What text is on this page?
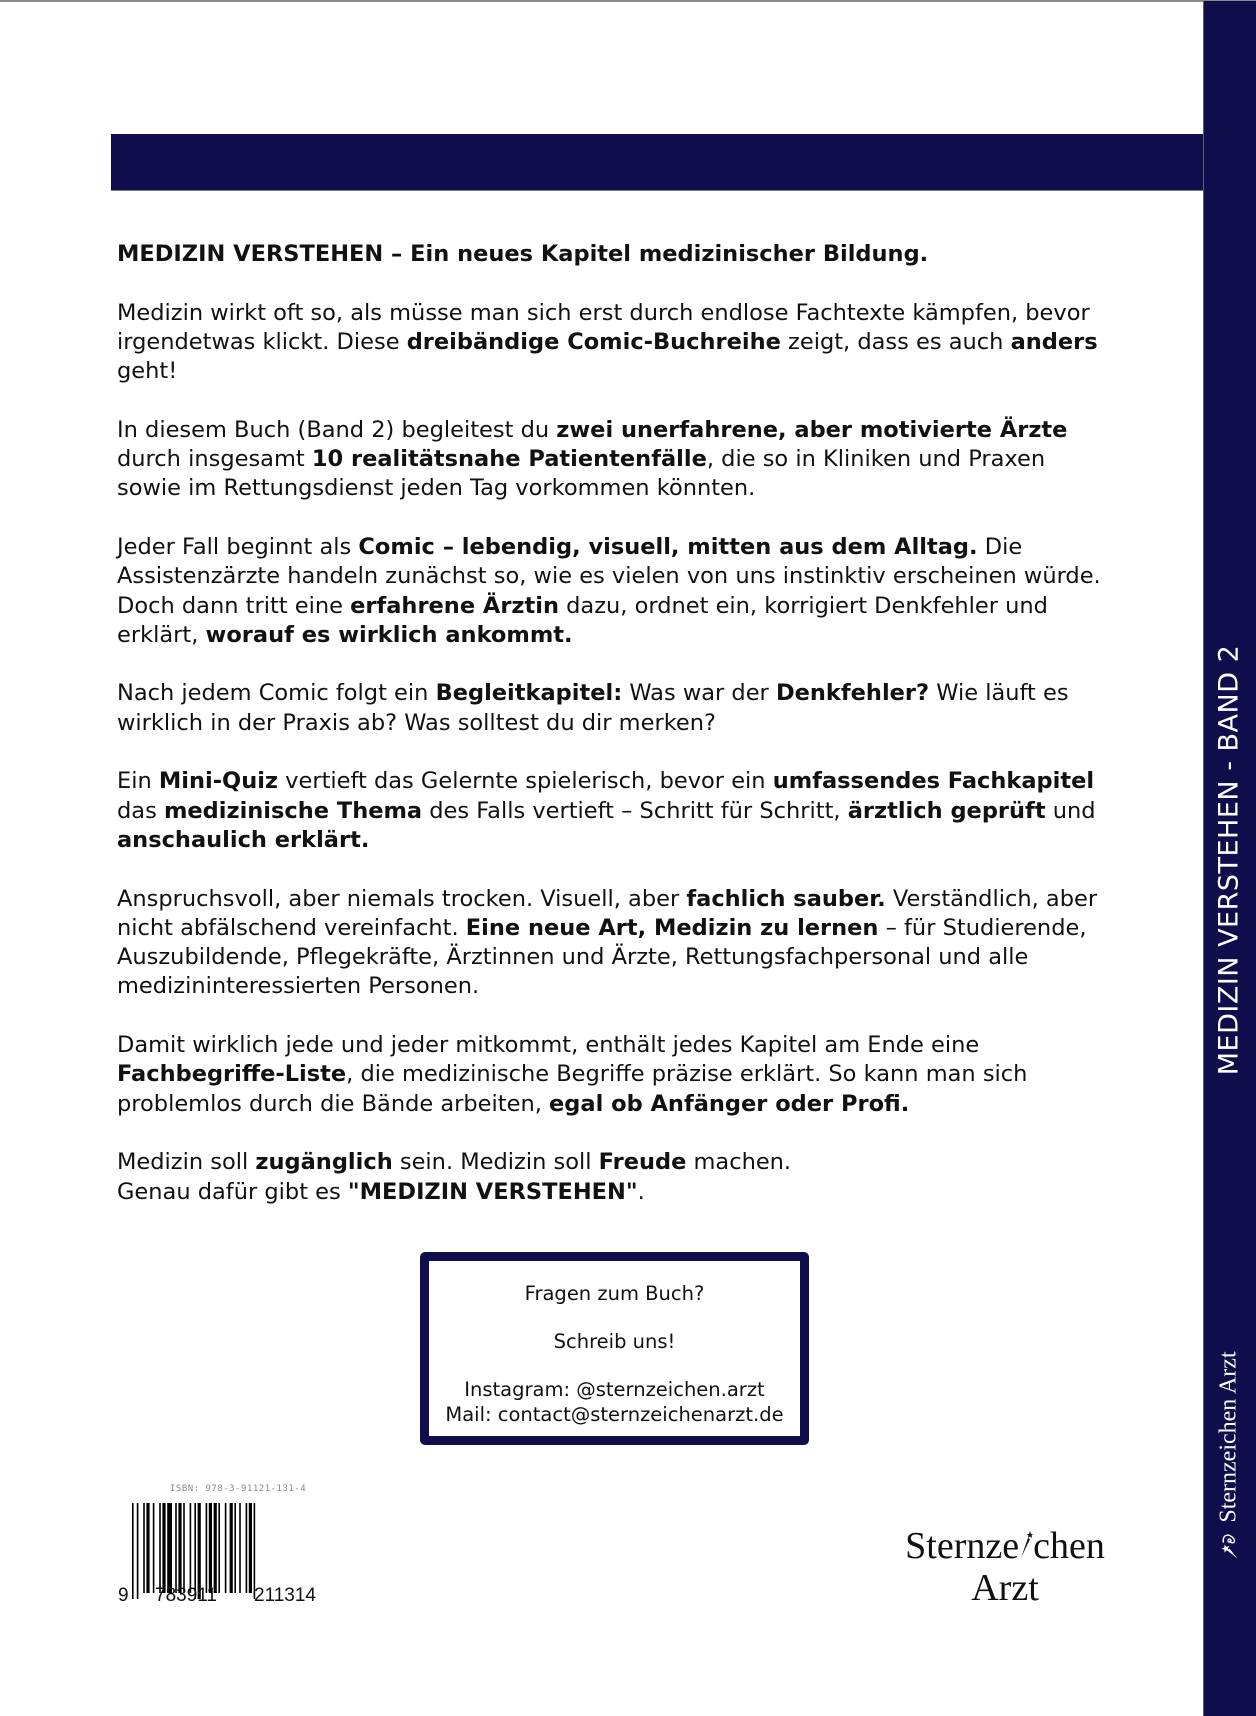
MEDIZIN VERSTEHEN - BAND 2
Sternzeichen Arzt

MEDIZIN VERSTEHEN – Ein neues Kapitel medizinischer Bildung.

Medizin wirkt oft so, als müsse man sich erst durch endlose Fachtexte kämpfen, bevor irgendetwas klickt. Diese dreibändige Comic-Buchreihe zeigt, dass es auch anders geht!

In diesem Buch (Band 2) begleitest du zwei unerfahrene, aber motivierte Ärzte durch insgesamt 10 realitätsnahe Patientenfälle, die so in Kliniken und Praxen sowie im Rettungsdienst jeden Tag vorkommen könnten.

Jeder Fall beginnt als Comic – lebendig, visuell, mitten aus dem Alltag. Die Assistenzärzte handeln zunächst so, wie es vielen von uns instinktiv erscheinen würde. Doch dann tritt eine erfahrene Ärztin dazu, ordnet ein, korrigiert Denkfehler und erklärt, worauf es wirklich ankommt.

Nach jedem Comic folgt ein Begleitkapitel: Was war der Denkfehler? Wie läuft es wirklich in der Praxis ab? Was solltest du dir merken?

Ein Mini-Quiz vertieft das Gelernte spielerisch, bevor ein umfassendes Fachkapitel das medizinische Thema des Falls vertieft – Schritt für Schritt, ärztlich geprüft und anschaulich erklärt.

Anspruchsvoll, aber niemals trocken. Visuell, aber fachlich sauber. Verständlich, aber nicht abfälschend vereinfacht. Eine neue Art, Medizin zu lernen – für Studierende, Auszubildende, Pflegekräfte, Ärztinnen und Ärzte, Rettungsfachpersonal und alle medizininteressierten Personen.

Damit wirklich jede und jeder mitkommt, enthält jedes Kapitel am Ende eine Fachbegriffe-Liste, die medizinische Begriffe präzise erklärt. So kann man sich problemlos durch die Bände arbeiten, egal ob Anfänger oder Profi.

Medizin soll zugänglich sein. Medizin soll Freude machen.
Genau dafür gibt es "MEDIZIN VERSTEHEN".

Fragen zum Buch?
Schreib uns!
Instagram: @sternzeichen.arzt
Mail: contact@sternzeichenarzt.de
ISBN: 978-3-91121-131-4
9 783911 211314
Sternze chen
Arzt
